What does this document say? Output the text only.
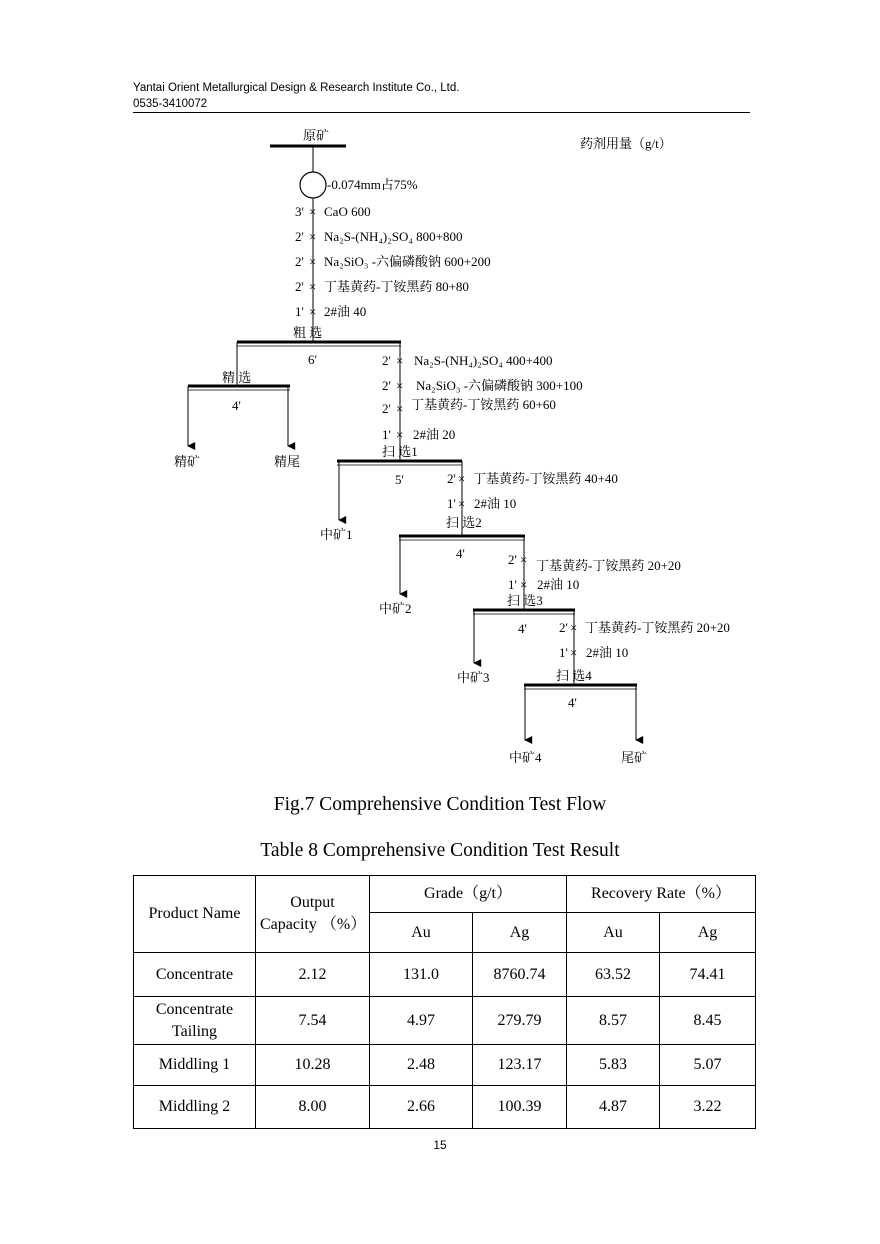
Yantai Orient Metallurgical Design & Research Institute Co., Ltd.
0535-3410072
原矿
药剂用量（g/t）
-0.074mm占75%
3' × CaO 600
2' × Na₂S-(NH₄)₂SO₄ 800+800
2' × Na₂SiO₃ -六偏磷酸钠 600+200
2' × 丁基黄药-丁铵黑药 80+80
1' × 2#油 40
粗 选
6'	2' × Na₂S-(NH₄)₂SO₄ 400+400
2' × Na₂SiO₃ -六偏磷酸钠 300+100
2' × 丁基黄药-丁铵黑药 60+60
1' × 2#油 20
精 选
4'
精矿	精尾
扫 选1
5'
中矿1
2' × 丁基黄药-丁铵黑药 40+40
1' × 2#油 10
扫 选2
4'
中矿2
2' × 丁基黄药-丁铵黑药 20+20
1' × 2#油 10
扫 选3
4'
中矿3
2' × 丁基黄药-丁铵黑药 20+20
1' × 2#油 10
扫 选4
4'
中矿4	尾矿
Fig.7 Comprehensive Condition Test Flow
Table 8 Comprehensive Condition Test Result
Product Name	Output Capacity （%）	Grade（g/t）		Recovery Rate（%）	
		Au	Ag	Au	Ag
Concentrate	2.12	131.0	8760.74	63.52	74.41
Concentrate Tailing	7.54	4.97	279.79	8.57	8.45
Middling 1	10.28	2.48	123.17	5.83	5.07
Middling 2	8.00	2.66	100.39	4.87	3.22
15
